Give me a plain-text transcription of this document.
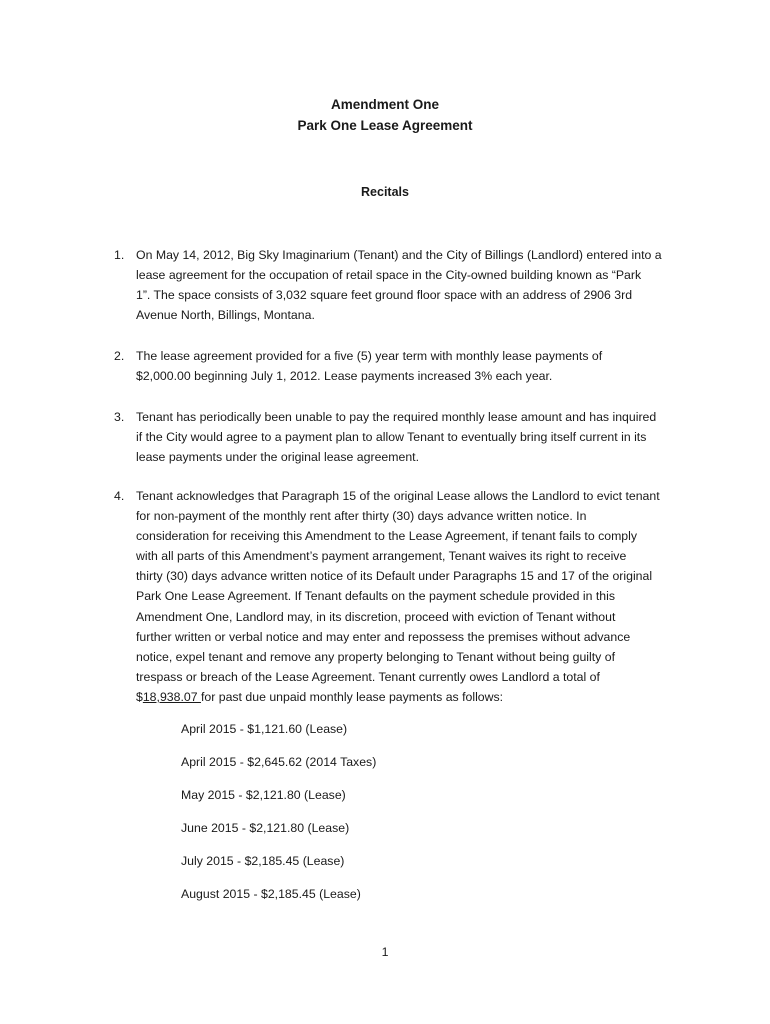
Amendment One
Park One Lease Agreement
Recitals
1. On May 14, 2012, Big Sky Imaginarium (Tenant) and the City of Billings (Landlord) entered into a
lease agreement for the occupation of retail space in the City-owned building known as “Park
1”. The space consists of 3,032 square feet ground floor space with an address of 2906 3rd
Avenue North, Billings, Montana.
2. The lease agreement provided for a five (5) year term with monthly lease payments of
$2,000.00 beginning July 1, 2012. Lease payments increased 3% each year.
3. Tenant has periodically been unable to pay the required monthly lease amount and has inquired
if the City would agree to a payment plan to allow Tenant to eventually bring itself current in its
lease payments under the original lease agreement.
4. Tenant acknowledges that Paragraph 15 of the original Lease allows the Landlord to evict tenant
for non-payment of the monthly rent after thirty (30) days advance written notice. In
consideration for receiving this Amendment to the Lease Agreement, if tenant fails to comply
with all parts of this Amendment’s payment arrangement, Tenant waives its right to receive
thirty (30) days advance written notice of its Default under Paragraphs 15 and 17 of the original
Park One Lease Agreement. If Tenant defaults on the payment schedule provided in this
Amendment One, Landlord may, in its discretion, proceed with eviction of Tenant without
further written or verbal notice and may enter and repossess the premises without advance
notice, expel tenant and remove any property belonging to Tenant without being guilty of
trespass or breach of the Lease Agreement. Tenant currently owes Landlord a total of
$18,938.07 for past due unpaid monthly lease payments as follows:
April 2015 - $1,121.60 (Lease)
April 2015 - $2,645.62 (2014 Taxes)
May 2015 - $2,121.80 (Lease)
June 2015 - $2,121.80 (Lease)
July 2015 - $2,185.45 (Lease)
August 2015 - $2,185.45 (Lease)
1
